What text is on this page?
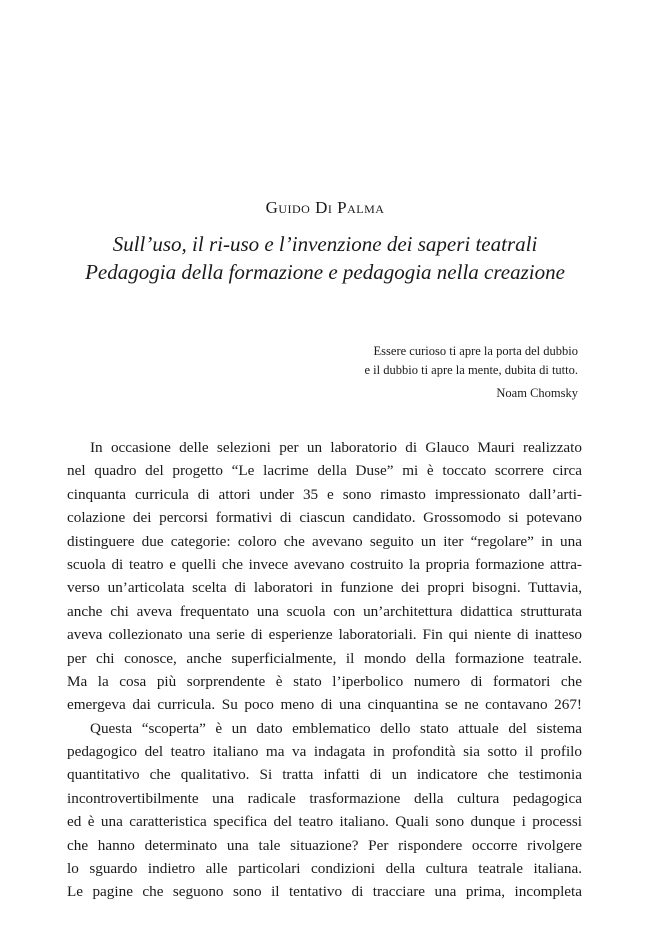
Guido Di Palma
Sull’uso, il ri-uso e l’invenzione dei saperi teatrali
Pedagogia della formazione e pedagogia nella creazione
Essere curioso ti apre la porta del dubbio
e il dubbio ti apre la mente, dubita di tutto.
Noam Chomsky
In occasione delle selezioni per un laboratorio di Glauco Mauri realizzato
nel quadro del progetto “Le lacrime della Duse” mi è toccato scorrere circa
cinquanta curricula di attori under 35 e sono rimasto impressionato dall’arti-
colazione dei percorsi formativi di ciascun candidato. Grossomodo si potevano
distinguere due categorie: coloro che avevano seguito un iter “regolare” in una
scuola di teatro e quelli che invece avevano costruito la propria formazione attra-
verso un’articolata scelta di laboratori in funzione dei propri bisogni. Tuttavia,
anche chi aveva frequentato una scuola con un’architettura didattica strutturata
aveva collezionato una serie di esperienze laboratoriali. Fin qui niente di inatteso
per chi conosce, anche superficialmente, il mondo della formazione teatrale.
Ma la cosa più sorprendente è stato l’iperbolico numero di formatori che
emergeva dai curricula. Su poco meno di una cinquantina se ne contavano 267!
Questa “scoperta” è un dato emblematico dello stato attuale del sistema
pedagogico del teatro italiano ma va indagata in profondità sia sotto il profilo
quantitativo che qualitativo. Si tratta infatti di un indicatore che testimonia
incontrovertibilmente una radicale trasformazione della cultura pedagogica
ed è una caratteristica specifica del teatro italiano. Quali sono dunque i processi
che hanno determinato una tale situazione? Per rispondere occorre rivolgere
lo sguardo indietro alle particolari condizioni della cultura teatrale italiana.
Le pagine che seguono sono il tentativo di tracciare una prima, incompleta
